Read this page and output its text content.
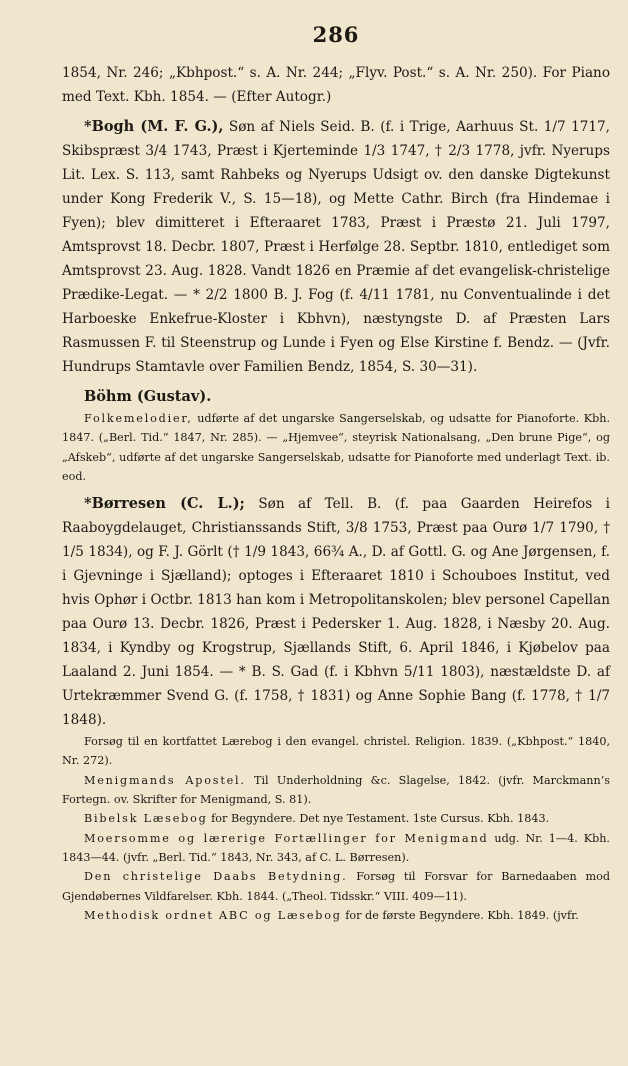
286

1854, Nr. 246; „Kbhpost.“ s. A. Nr. 244; „Flyv. Post.“ s. A. Nr. 250). For Piano med Text. Kbh. 1854. — (Efter Autogr.)

*Bogh (M. F. G.), Søn af Niels Seid. B. (f. i Trige, Aarhuus St. 1/7 1717, Skibspræst 3/4 1743, Præst i Kjerteminde 1/3 1747, † 2/3 1778, jvfr. Nyerups Lit. Lex. S. 113, samt Rahbeks og Nyerups Udsigt ov. den danske Digtekunst under Kong Frederik V., S. 15—18), og Mette Cathr. Birch (fra Hindemae i Fyen); blev dimitteret i Efteraaret 1783, Præst i Præstø 21. Juli 1797, Amtsprovst 18. Decbr. 1807, Præst i Herfølge 28. Septbr. 1810, entlediget som Amtsprovst 23. Aug. 1828. Vandt 1826 en Præmie af det evangelisk-christelige Prædike-Legat. — * 2/2 1800 B. J. Fog (f. 4/11 1781, nu Conventualinde i det Harboeske Enkefrue-Kloster i Kbhvn), næstyngste D. af Præsten Lars Rasmussen F. til Steenstrup og Lunde i Fyen og Else Kirstine f. Bendz. — (Jvfr. Hundrups Stamtavle over Familien Bendz, 1854, S. 30—31).

Böhm (Gustav).

Folkemelodier, udførte af det ungarske Sangerselskab, og udsatte for Pianoforte. Kbh. 1847. („Berl. Tid.“ 1847, Nr. 285). — „Hjemvee“, steyrisk Nationalsang, „Den brune Pige“, og „Afskeb“, udførte af det ungarske Sangerselskab, udsatte for Pianoforte med underlagt Text. ib. eod.

*Børresen (C. L.); Søn af Tell. B. (f. paa Gaarden Heirefos i Raaboygdelauget, Christianssands Stift, 3/8 1753, Præst paa Ourø 1/7 1790, † 1/5 1834), og F. J. Görlt († 1/9 1843, 66¾ A., D. af Gottl. G. og Ane Jørgensen, f. i Gjevninge i Sjælland); optoges i Efteraaret 1810 i Schouboes Institut, ved hvis Ophør i Octbr. 1813 han kom i Metropolitanskolen; blev personel Capellan paa Ourø 13. Decbr. 1826, Præst i Pedersker 1. Aug. 1828, i Næsby 20. Aug. 1834, i Kyndby og Krogstrup, Sjællands Stift, 6. April 1846, i Kjøbelov paa Laaland 2. Juni 1854. — * B. S. Gad (f. i Kbhvn 5/11 1803), næstældste D. af Urtekræmmer Svend G. (f. 1758, † 1831) og Anne Sophie Bang (f. 1778, † 1/7 1848).

Forsøg til en kortfattet Lærebog i den evangel. christel. Religion. 1839. („Kbhpost.“ 1840, Nr. 272).

Menigmands Apostel. Til Underholdning &c. Slagelse, 1842. (jvfr. Marckmann’s Fortegn. ov. Skrifter for Menigmand, S. 81).

Bibelsk Læsebog for Begyndere. Det nye Testament. 1ste Cursus. Kbh. 1843.

Moersomme og lærerige Fortællinger for Menigmand udg. Nr. 1—4. Kbh. 1843—44. (jvfr. „Berl. Tid.“ 1843, Nr. 343, af C. L. Børresen).

Den christelige Daabs Betydning. Forsøg til Forsvar for Barnedaaben mod Gjendøbernes Vildfarelser. Kbh. 1844. („Theol. Tidsskr.“ VIII. 409—11).

Methodisk ordnet ABC og Læsebog for de første Begyndere. Kbh. 1849. (jvfr.
